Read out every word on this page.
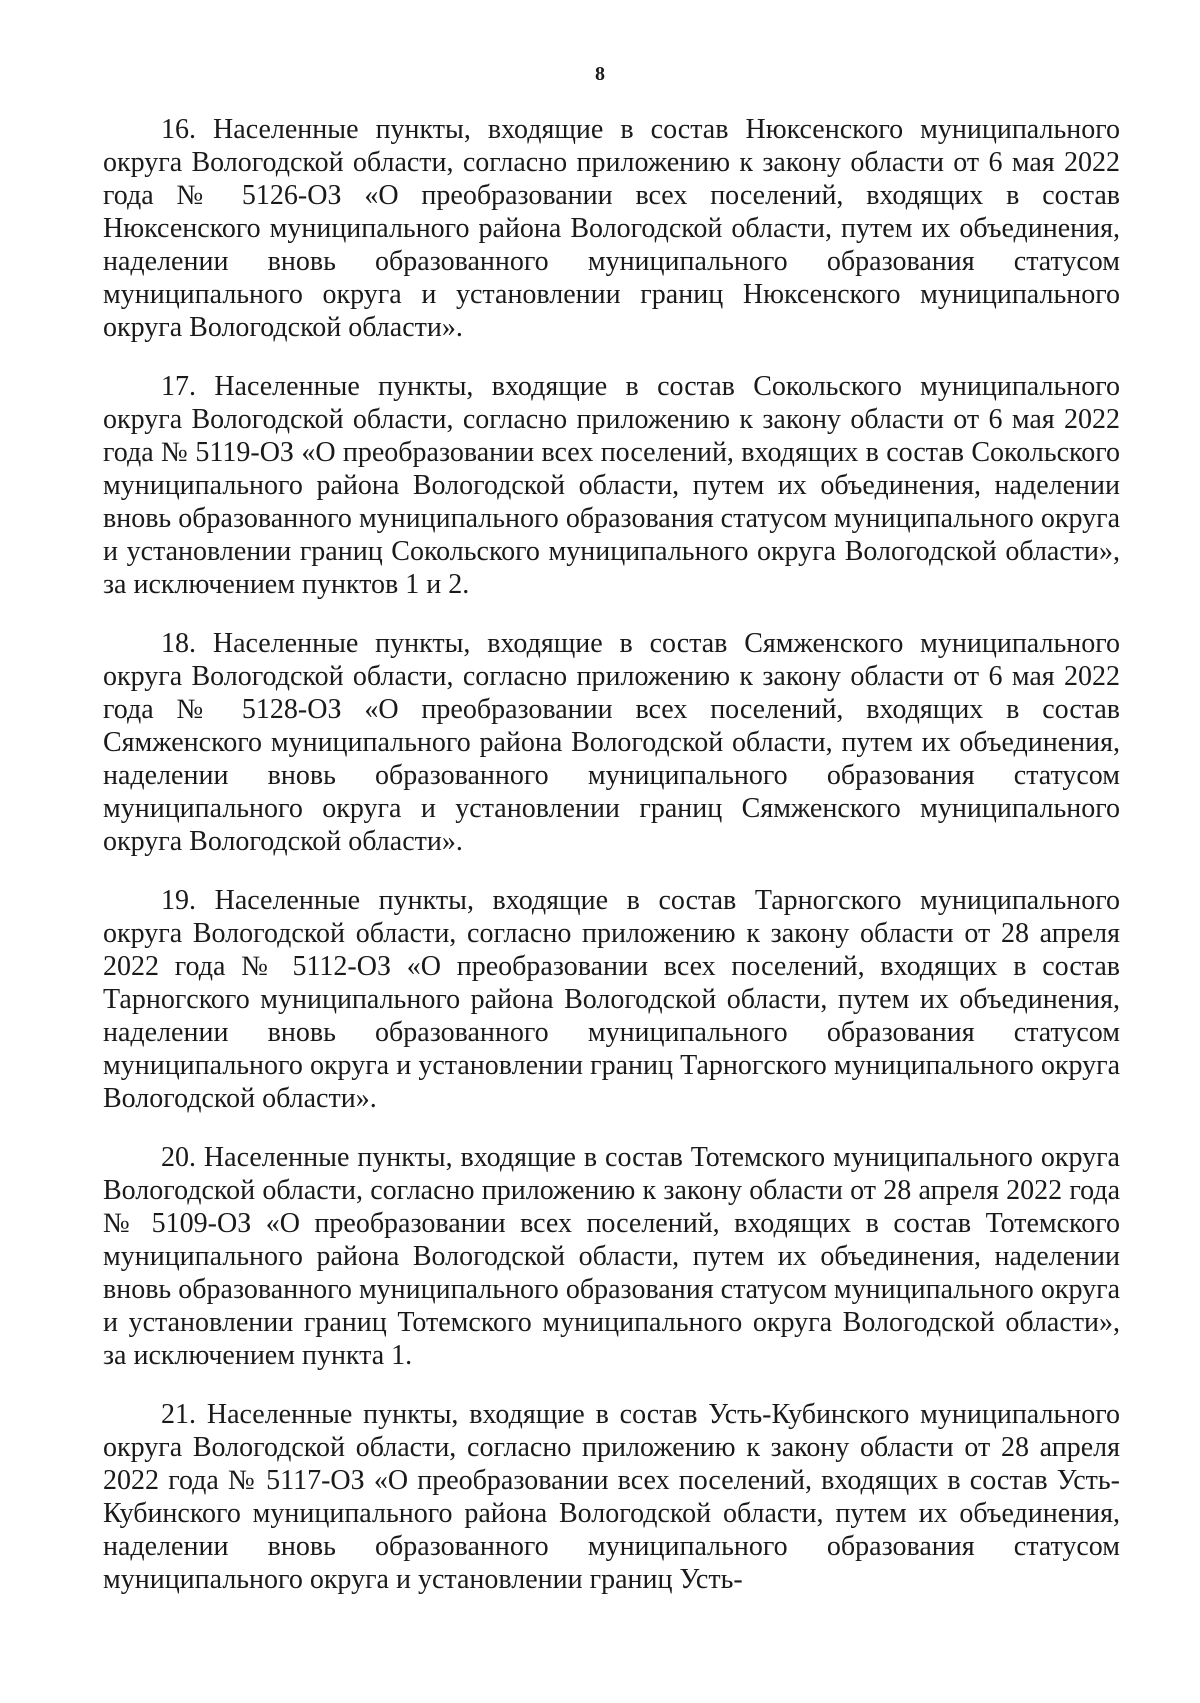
8

16. Населенные пункты, входящие в состав Нюксенского муниципального округа Вологодской области, согласно приложению к закону области от 6 мая 2022 года № 5126-ОЗ «О преобразовании всех поселений, входящих в состав Нюксенского муниципального района Вологодской области, путем их объединения, наделении вновь образованного муниципального образования статусом муниципального округа и установлении границ Нюксенского муниципального округа Вологодской области».

17. Населенные пункты, входящие в состав Сокольского муниципального округа Вологодской области, согласно приложению к закону области от 6 мая 2022 года № 5119-ОЗ «О преобразовании всех поселений, входящих в состав Сокольского муниципального района Вологодской области, путем их объединения, наделении вновь образованного муниципального образования статусом муниципального округа и установлении границ Сокольского муниципального округа Вологодской области», за исключением пунктов 1 и 2.

18. Населенные пункты, входящие в состав Сямженского муниципального округа Вологодской области, согласно приложению к закону области от 6 мая 2022 года № 5128-ОЗ «О преобразовании всех поселений, входящих в состав Сямженского муниципального района Вологодской области, путем их объединения, наделении вновь образованного муниципального образования статусом муниципального округа и установлении границ Сямженского муниципального округа Вологодской области».

19. Населенные пункты, входящие в состав Тарногского муниципального округа Вологодской области, согласно приложению к закону области от 28 апреля 2022 года № 5112-ОЗ «О преобразовании всех поселений, входящих в состав Тарногского муниципального района Вологодской области, путем их объединения, наделении вновь образованного муниципального образования статусом муниципального округа и установлении границ Тарногского муниципального округа Вологодской области».

20. Населенные пункты, входящие в состав Тотемского муниципального округа Вологодской области, согласно приложению к закону области от 28 апреля 2022 года № 5109-ОЗ «О преобразовании всех поселений, входящих в состав Тотемского муниципального района Вологодской области, путем их объединения, наделении вновь образованного муниципального образования статусом муниципального округа и установлении границ Тотемского муниципального округа Вологодской области», за исключением пункта 1.

21. Населенные пункты, входящие в состав Усть-Кубинского муниципального округа Вологодской области, согласно приложению к закону области от 28 апреля 2022 года № 5117-ОЗ «О преобразовании всех поселений, входящих в состав Усть-Кубинского муниципального района Вологодской области, путем их объединения, наделении вновь образованного муниципального образования статусом муниципального округа и установлении границ Усть-
